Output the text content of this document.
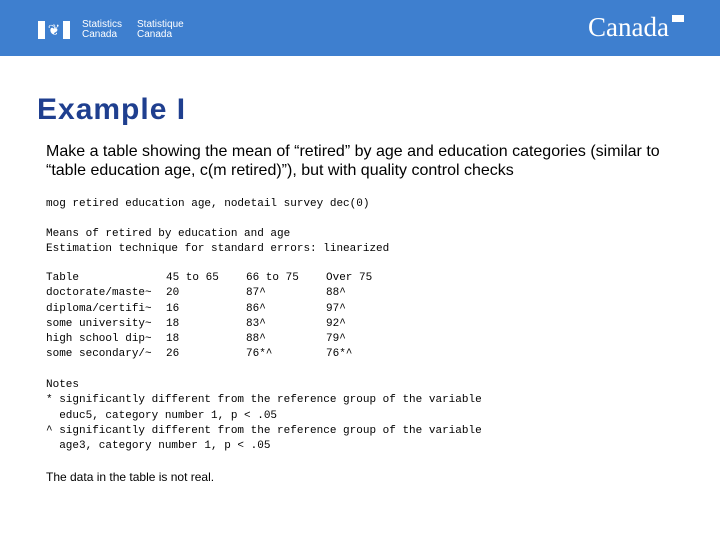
❦ Statistics
Canada
Statistique
Canada	Canada
Example I

Make a table showing the mean of “retired” by age and education categories (similar to “table education age, c(m retired)”), but with quality control checks

mog retired education age, nodetail survey dec(0)
Means of retired by education and age
Estimation technique for standard errors: linearized
Table	45 to 65	66 to 75	Over 75
doctorate/maste~	20	87^	88^
diploma/certifi~	16	86^	97^
some university~	18	83^	92^
high school dip~	18	88^	79^
some secondary/~	26	76*^	76*^
Notes
* significantly different from the reference group of the variable
educ5, category number 1, p < .05
^ significantly different from the reference group of the variable
age3, category number 1, p < .05

The data in the table is not real.
